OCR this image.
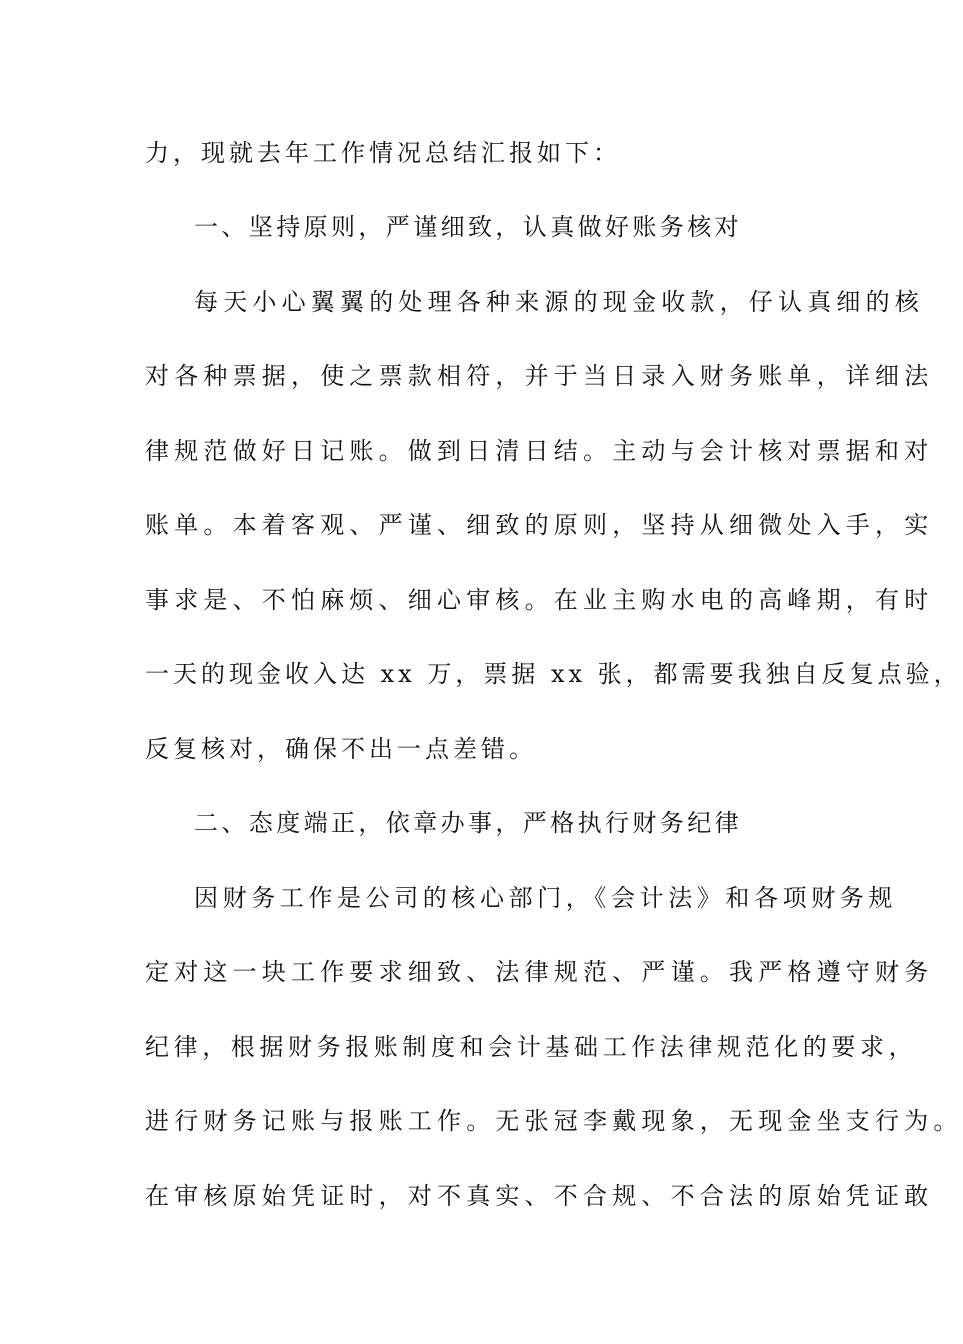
力，现就去年工作情况总结汇报如下：
一、坚持原则，严谨细致，认真做好账务核对
每天小心翼翼的处理各种来源的现金收款，仔认真细的核
对各种票据，使之票款相符，并于当日录入财务账单，详细法
律规范做好日记账。做到日清日结。主动与会计核对票据和对
账单。本着客观、严谨、细致的原则，坚持从细微处入手，实
事求是、不怕麻烦、细心审核。在业主购水电的高峰期，有时
一天的现金收入达 xx 万，票据 xx 张，都需要我独自反复点验，
反复核对，确保不出一点差错。
二、态度端正，依章办事，严格执行财务纪律
因财务工作是公司的核心部门，《会计法》和各项财务规
定对这一块工作要求细致、法律规范、严谨。我严格遵守财务
纪律，根据财务报账制度和会计基础工作法律规范化的要求，
进行财务记账与报账工作。无张冠李戴现象，无现金坐支行为。
在审核原始凭证时，对不真实、不合规、不合法的原始凭证敢
